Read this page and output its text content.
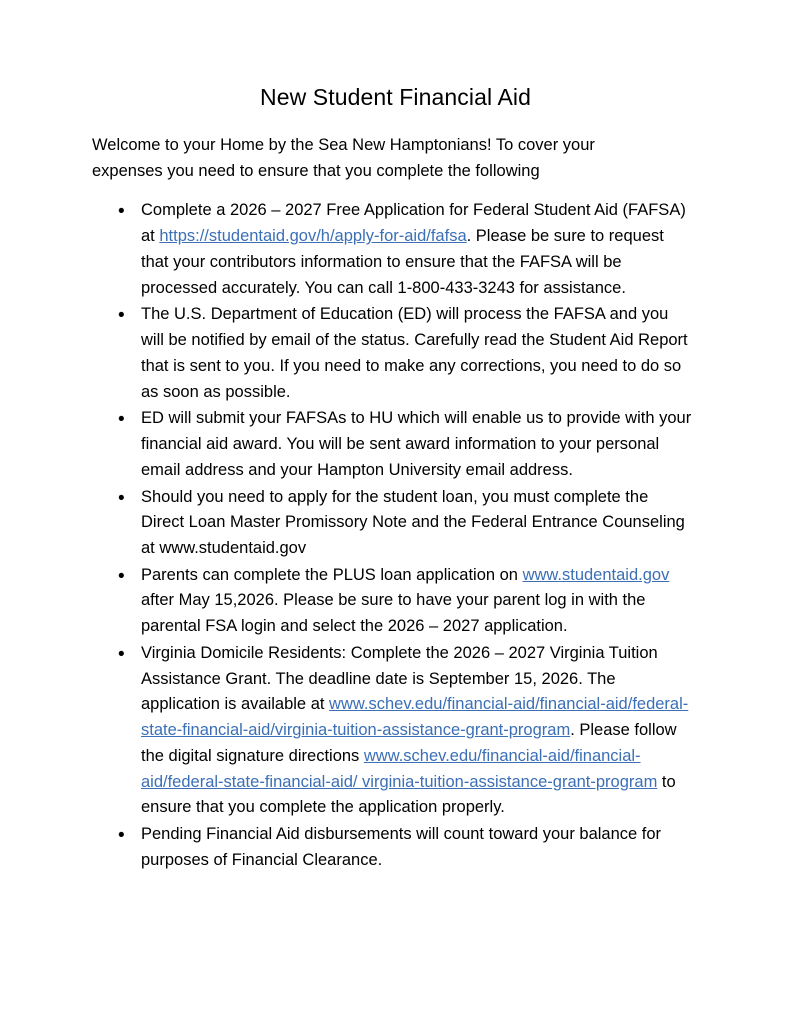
New Student Financial Aid

Welcome to your Home by the Sea New Hamptonians! To cover your expenses you need to ensure that you complete the following

• Complete a 2026 – 2027 Free Application for Federal Student Aid (FAFSA) at https://studentaid.gov/h/apply-for-aid/fafsa. Please be sure to request that your contributors information to ensure that the FAFSA will be processed accurately. You can call 1-800-433-3243 for assistance.
• The U.S. Department of Education (ED) will process the FAFSA and you will be notified by email of the status. Carefully read the Student Aid Report that is sent to you. If you need to make any corrections, you need to do so as soon as possible.
• ED will submit your FAFSAs to HU which will enable us to provide with your financial aid award. You will be sent award information to your personal email address and your Hampton University email address.
• Should you need to apply for the student loan, you must complete the Direct Loan Master Promissory Note and the Federal Entrance Counseling at www.studentaid.gov
• Parents can complete the PLUS loan application on www.studentaid.gov after May 15,2026. Please be sure to have your parent log in with the parental FSA login and select the 2026 – 2027 application.
• Virginia Domicile Residents: Complete the 2026 – 2027 Virginia Tuition Assistance Grant. The deadline date is September 15, 2026. The application is available at www.schev.edu/financial-aid/financial-aid/federal-state-financial-aid/virginia-tuition-assistance-grant-program. Please follow the digital signature directions www.schev.edu/financial-aid/financial-aid/federal-state-financial-aid/ virginia-tuition-assistance-grant-program to ensure that you complete the application properly.
• Pending Financial Aid disbursements will count toward your balance for purposes of Financial Clearance.
